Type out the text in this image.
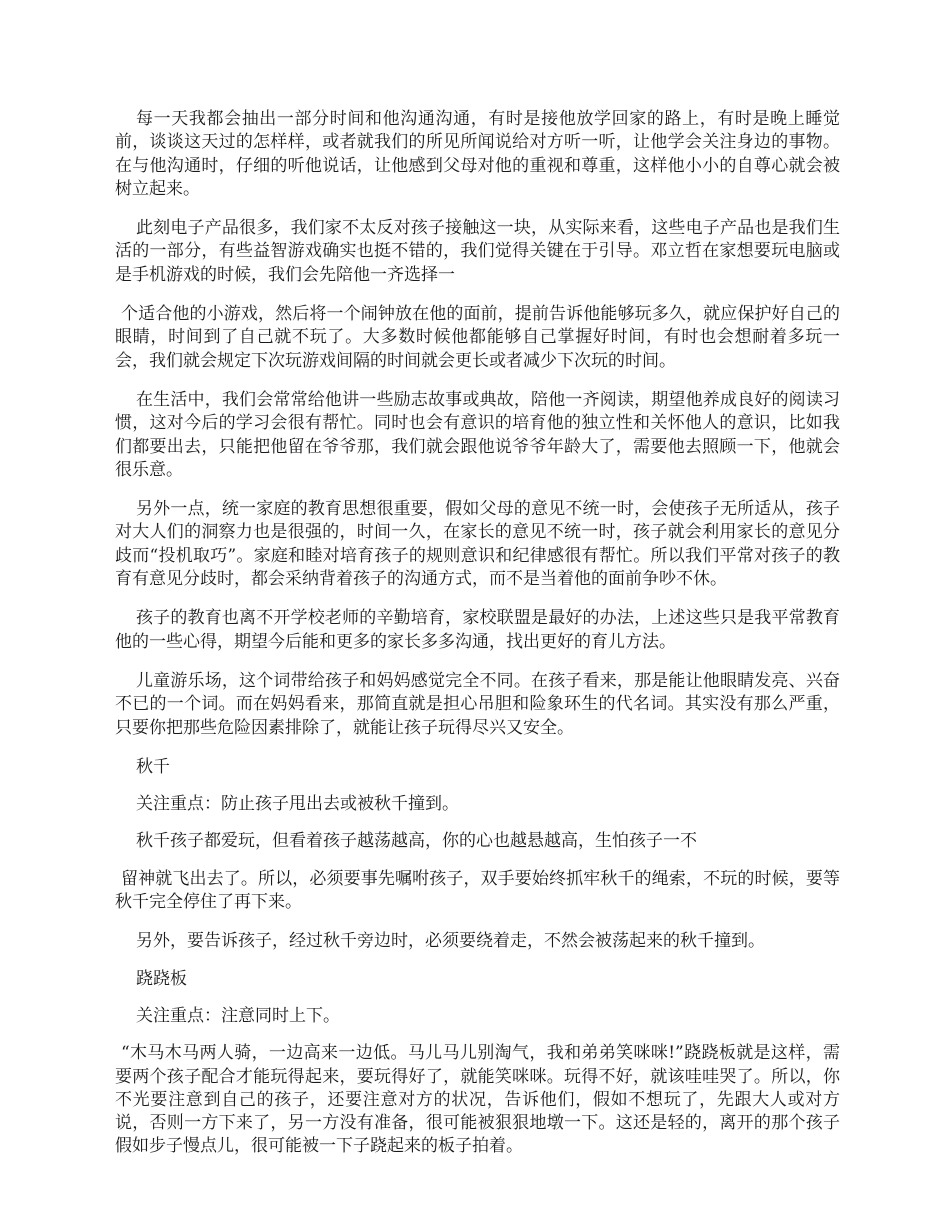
每一天我都会抽出一部分时间和他沟通沟通，有时是接他放学回家的路上，有时是晚上睡觉前，谈谈这天过的怎样样，或者就我们的所见所闻说给对方听一听，让他学会关注身边的事物。在与他沟通时，仔细的听他说话，让他感到父母对他的重视和尊重，这样他小小的自尊心就会被树立起来。

此刻电子产品很多，我们家不太反对孩子接触这一块，从实际来看，这些电子产品也是我们生活的一部分，有些益智游戏确实也挺不错的，我们觉得关键在于引导。邓立哲在家想要玩电脑或是手机游戏的时候，我们会先陪他一齐选择一

个适合他的小游戏，然后将一个闹钟放在他的面前，提前告诉他能够玩多久，就应保护好自己的眼睛，时间到了自己就不玩了。大多数时候他都能够自己掌握好时间，有时也会想耐着多玩一会，我们就会规定下次玩游戏间隔的时间就会更长或者减少下次玩的时间。

在生活中，我们会常常给他讲一些励志故事或典故，陪他一齐阅读，期望他养成良好的阅读习惯，这对今后的学习会很有帮忙。同时也会有意识的培育他的独立性和关怀他人的意识，比如我们都要出去，只能把他留在爷爷那，我们就会跟他说爷爷年龄大了，需要他去照顾一下，他就会很乐意。

另外一点，统一家庭的教育思想很重要，假如父母的意见不统一时，会使孩子无所适从，孩子对大人们的洞察力也是很强的，时间一久，在家长的意见不统一时，孩子就会利用家长的意见分歧而“投机取巧”。家庭和睦对培育孩子的规则意识和纪律感很有帮忙。所以我们平常对孩子的教育有意见分歧时，都会采纳背着孩子的沟通方式，而不是当着他的面前争吵不休。

孩子的教育也离不开学校老师的辛勤培育，家校联盟是最好的办法，上述这些只是我平常教育他的一些心得，期望今后能和更多的家长多多沟通，找出更好的育儿方法。

儿童游乐场，这个词带给孩子和妈妈感觉完全不同。在孩子看来，那是能让他眼睛发亮、兴奋不已的一个词。而在妈妈看来，那简直就是担心吊胆和险象环生的代名词。其实没有那么严重，只要你把那些危险因素排除了，就能让孩子玩得尽兴又安全。

秋千

关注重点：防止孩子甩出去或被秋千撞到。

秋千孩子都爱玩，但看着孩子越荡越高，你的心也越悬越高，生怕孩子一不

留神就飞出去了。所以，必须要事先嘱咐孩子，双手要始终抓牢秋千的绳索，不玩的时候，要等秋千完全停住了再下来。

另外，要告诉孩子，经过秋千旁边时，必须要绕着走，不然会被荡起来的秋千撞到。

跷跷板

关注重点：注意同时上下。

“木马木马两人骑，一边高来一边低。马儿马儿别淘气，我和弟弟笑咪咪!”跷跷板就是这样，需要两个孩子配合才能玩得起来，要玩得好了，就能笑咪咪。玩得不好，就该哇哇哭了。所以，你不光要注意到自己的孩子，还要注意对方的状况，告诉他们，假如不想玩了，先跟大人或对方说，否则一方下来了，另一方没有准备，很可能被狠狠地墩一下。这还是轻的，离开的那个孩子假如步子慢点儿，很可能被一下子跷起来的板子拍着。
